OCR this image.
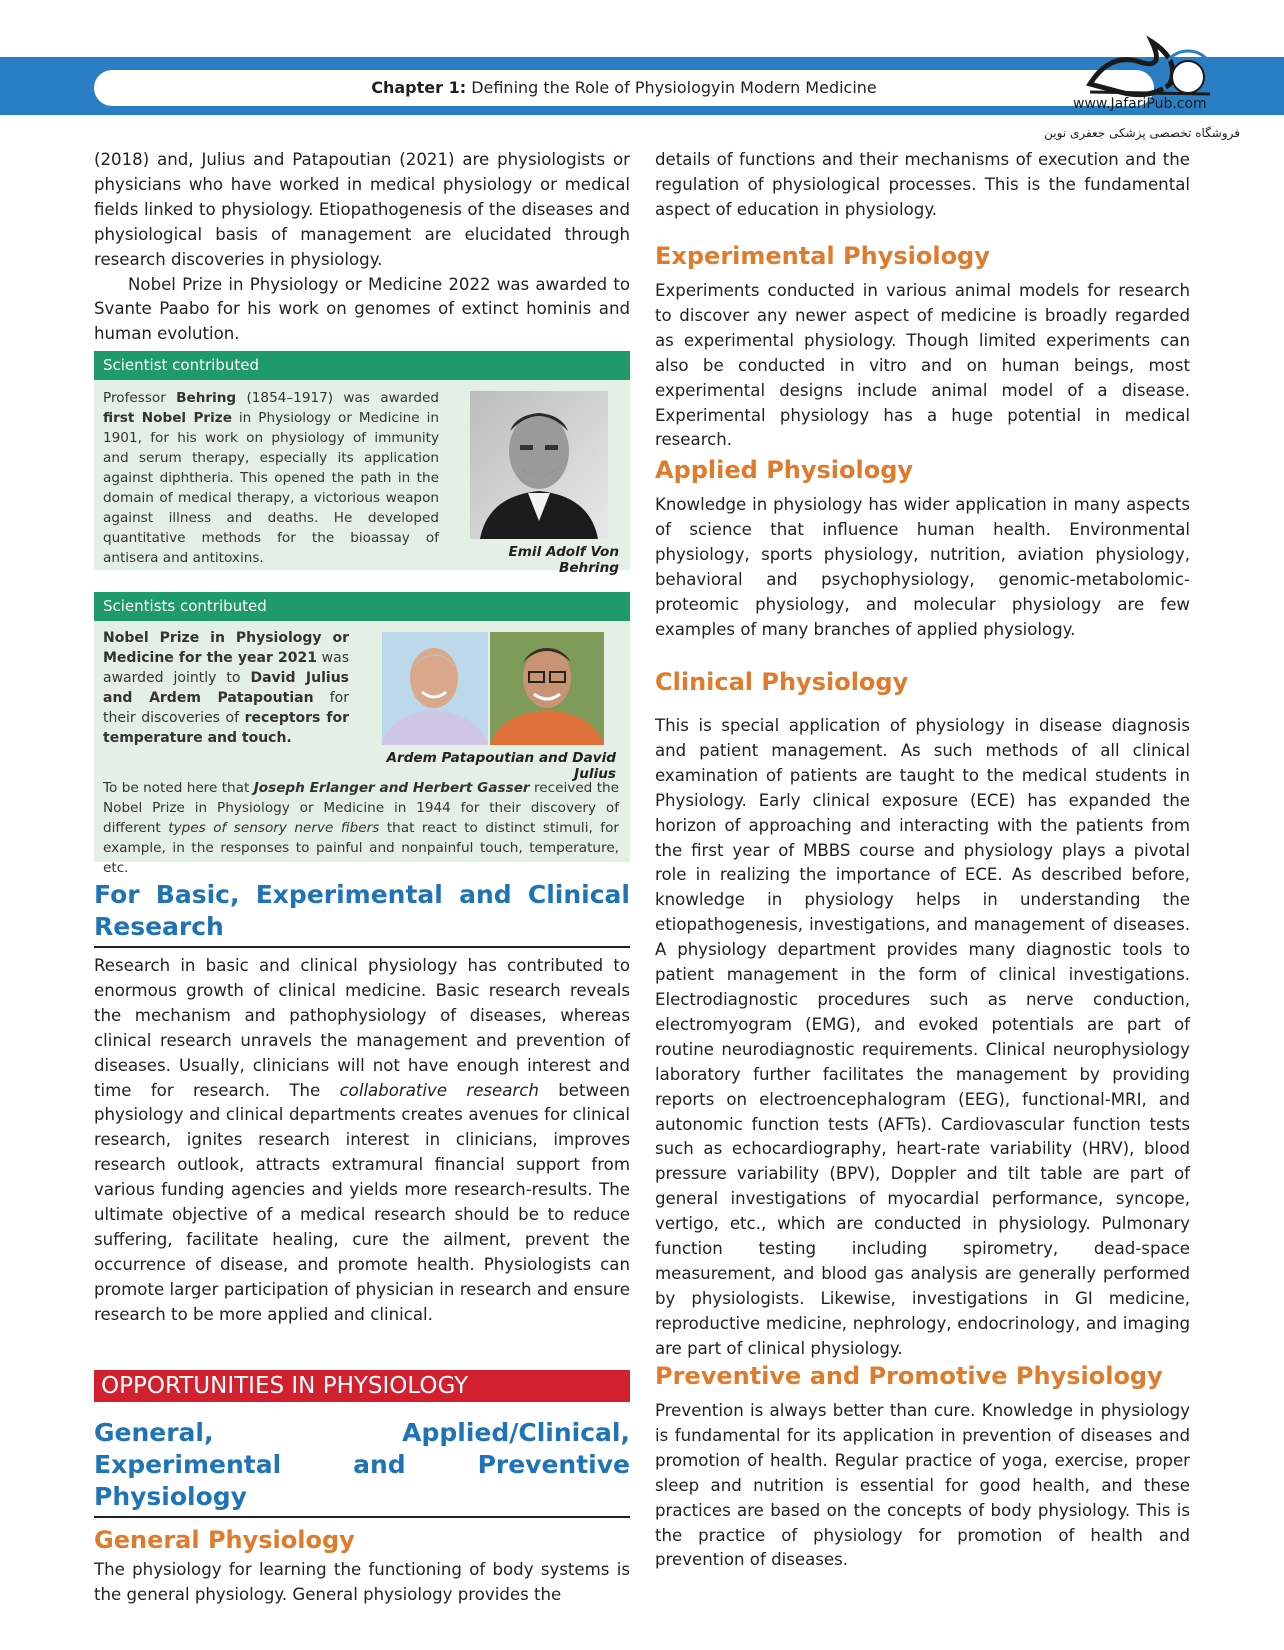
Chapter 1: Defining the Role of Physiologyin Modern Medicine
www.JafariPub.com
فروشگاه تخصصی پزشکی جعفری نوین

(2018) and, Julius and Patapoutian (2021) are physiologists or physicians who have worked in medical physiology or medical fields linked to physiology. Etiopathogenesis of the diseases and physiological basis of management are elucidated through research discoveries in physiology.

Nobel Prize in Physiology or Medicine 2022 was awarded to Svante Paabo for his work on genomes of extinct hominis and human evolution.

Scientist contributed
Professor Behring (1854–1917) was awarded first Nobel Prize in Physiology or Medicine in 1901, for his work on physiology of immunity and serum therapy, especially its application against diphtheria. This opened the path in the domain of medical therapy, a victorious weapon against illness and deaths. He developed quantitative methods for the bioassay of antisera and antitoxins.	Emil Adolf Von Behring
Scientists contributed
Nobel Prize in Physiology or Medicine for the year 2021 was awarded jointly to David Julius and Ardem Patapoutian for their discoveries of receptors for temperature and touch.
Ardem Patapoutian and David Julius
To be noted here that Joseph Erlanger and Herbert Gasser received the Nobel Prize in Physiology or Medicine in 1944 for their discovery of different types of sensory nerve fibers that react to distinct stimuli, for example, in the responses to painful and nonpainful touch, temperature, etc.
For Basic, Experimental and Clinical Research

Research in basic and clinical physiology has contributed to enormous growth of clinical medicine. Basic research reveals the mechanism and pathophysiology of diseases, whereas clinical research unravels the management and prevention of diseases. Usually, clinicians will not have enough interest and time for research. The collaborative research between physiology and clinical departments creates avenues for clinical research, ignites research interest in clinicians, improves research outlook, attracts extramural financial support from various funding agencies and yields more research-results. The ultimate objective of a medical research should be to reduce suffering, facilitate healing, cure the ailment, prevent the occurrence of disease, and promote health. Physiologists can promote larger participation of physician in research and ensure research to be more applied and clinical.

OPPORTUNITIES IN PHYSIOLOGY
General, Applied/Clinical, Experimental and Preventive Physiology
General Physiology

The physiology for learning the functioning of body systems is the general physiology. General physiology provides the

details of functions and their mechanisms of execution and the regulation of physiological processes. This is the fundamental aspect of education in physiology.

Experimental Physiology

Experiments conducted in various animal models for research to discover any newer aspect of medicine is broadly regarded as experimental physiology. Though limited experiments can also be conducted in vitro and on human beings, most experimental designs include animal model of a disease. Experimental physiology has a huge potential in medical research.

Applied Physiology

Knowledge in physiology has wider application in many aspects of science that influence human health. Environmental physiology, sports physiology, nutrition, aviation physiology, behavioral and psychophysiology, genomic-metabolomic-proteomic physiology, and molecular physiology are few examples of many branches of applied physiology.

Clinical Physiology

This is special application of physiology in disease diagnosis and patient management. As such methods of all clinical examination of patients are taught to the medical students in Physiology. Early clinical exposure (ECE) has expanded the horizon of approaching and interacting with the patients from the first year of MBBS course and physiology plays a pivotal role in realizing the importance of ECE. As described before, knowledge in physiology helps in understanding the etiopathogenesis, investigations, and management of diseases. A physiology department provides many diagnostic tools to patient management in the form of clinical investigations. Electrodiagnostic procedures such as nerve conduction, electromyogram (EMG), and evoked potentials are part of routine neurodiagnostic requirements. Clinical neurophysiology laboratory further facilitates the management by providing reports on electroencephalogram (EEG), functional-MRI, and autonomic function tests (AFTs). Cardiovascular function tests such as echocardiography, heart-rate variability (HRV), blood pressure variability (BPV), Doppler and tilt table are part of general investigations of myocardial performance, syncope, vertigo, etc., which are conducted in physiology. Pulmonary function testing including spirometry, dead-space measurement, and blood gas analysis are generally performed by physiologists. Likewise, investigations in GI medicine, reproductive medicine, nephrology, endocrinology, and imaging are part of clinical physiology.

Preventive and Promotive Physiology

Prevention is always better than cure. Knowledge in physiology is fundamental for its application in prevention of diseases and promotion of health. Regular practice of yoga, exercise, proper sleep and nutrition is essential for good health, and these practices are based on the concepts of body physiology. This is the practice of physiology for promotion of health and prevention of diseases.
